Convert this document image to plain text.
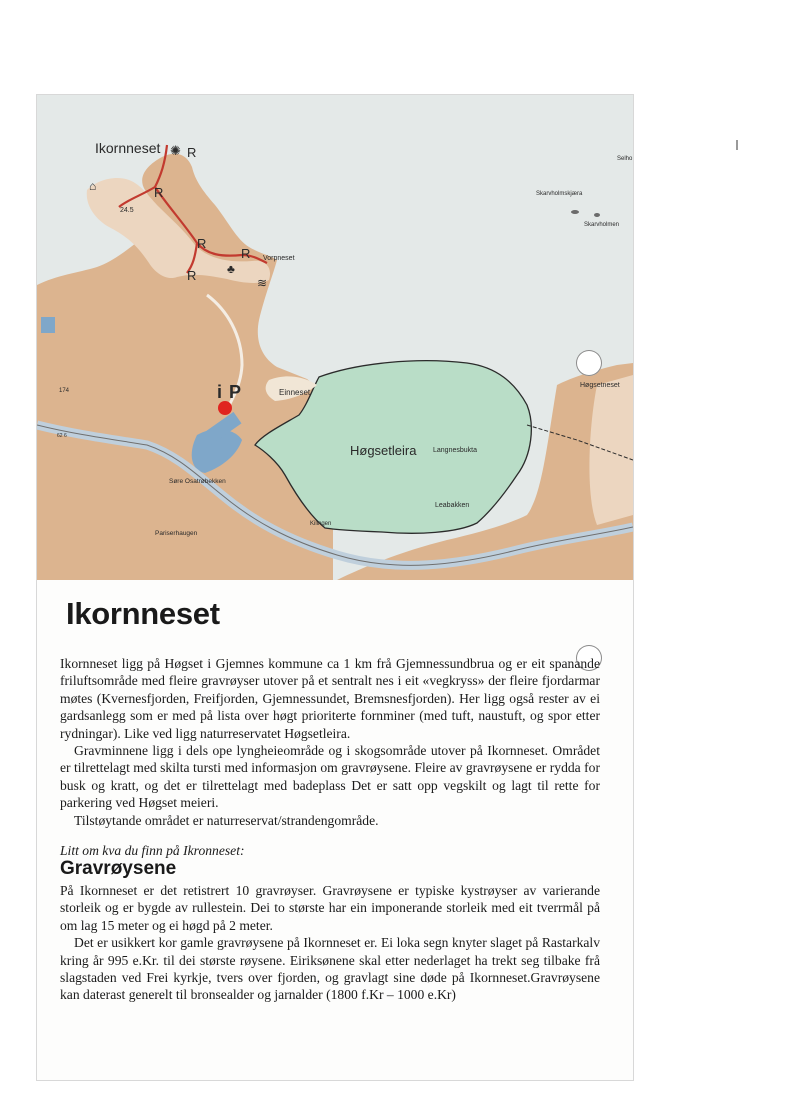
i P
R
R
R
R
R
✺
♣
≋
⌂
Ikornneset
24.5
Vorpneset
Einneset
Høgsetleira Langnesbukta
Leabakken
Kilingen
Søre Osatrøbekken
Pariserhaugen
Høgsetneset
Skarvholmskjæra
Skarvholmen
Selho
174
62 6
Ikornneset

Ikornneset ligg på Høgset i Gjemnes kommune ca 1 km frå Gjemnessundbrua og er eit spanande friluftsområde med fleire gravrøyser utover på et sentralt nes i eit «vegkryss» der fleire fjordarmar møtes (Kvernesfjorden, Freifjorden, Gjemnessundet, Bremsnesfjorden). Her ligg også rester av ei gardsanlegg som er med på lista over høgt prioriterte fornminer (med tuft, naustuft, og spor etter rydningar). Like ved ligg naturreservatet Høgsetleira.

Gravminnene ligg i dels ope lyngheieområde og i skogsområde utover på Ikornneset. Området er tilrettelagt med skilta tursti med informasjon om gravrøysene. Fleire av gravrøysene er rydda for busk og kratt, og det er tilrettelagt med badeplass Det er satt opp vegskilt og lagt til rette for parkering ved Høgset meieri.

Tilstøytande området er naturreservat/strandengområde.

Litt om kva du finn på Ikronneset:

Gravrøysene

På Ikornneset er det retistrert 10 gravrøyser. Gravrøysene er typiske kystrøyser av varierande storleik og er bygde av rullestein. Dei to største har ein imponerande storleik med eit tverrmål på om lag 15 meter og ei høgd på 2 meter.

Det er usikkert kor gamle gravrøysene på Ikornneset er. Ei loka segn knyter slaget på Rastarkalv kring år 995 e.Kr. til dei største røysene. Eiriksønene skal etter nederlaget ha trekt seg tilbake frå slagstaden ved Frei kyrkje, tvers over fjorden, og gravlagt sine døde på Ikornneset.Gravrøysene kan daterast generelt til bronsealder og jarnalder (1800 f.Kr – 1000 e.Kr)
